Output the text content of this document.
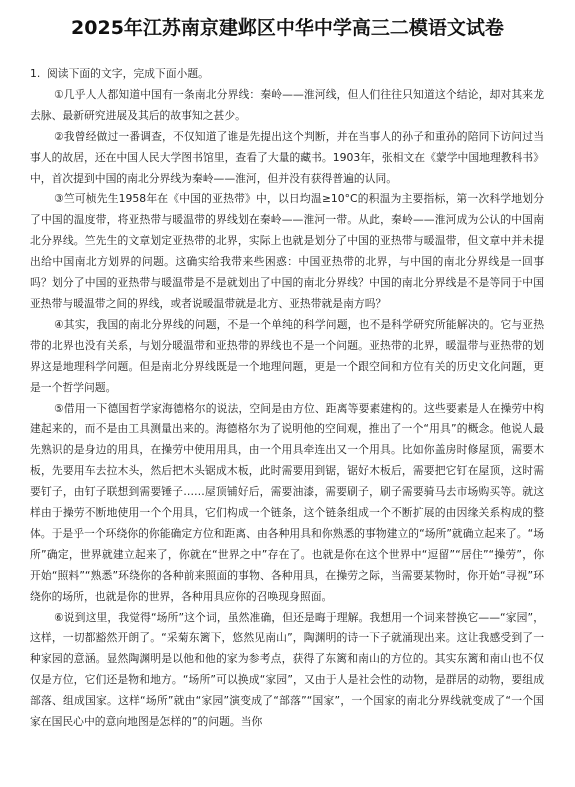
2025年江苏南京建邺区中华中学高三二模语文试卷
1. 阅读下面的文字，完成下面小题。

①几乎人人都知道中国有一条南北分界线：秦岭——淮河线，但人们往往只知道这个结论，却对其来龙去脉、最新研究进展及其后的故事知之甚少。

②我曾经做过一番调查，不仅知道了谁是先提出这个判断，并在当事人的孙子和重孙的陪同下访问过当事人的故居，还在中国人民大学图书馆里，查看了大量的藏书。1903年，张相文在《蒙学中国地理教科书》中，首次提到中国的南北分界线为秦岭——淮河，但并没有获得普遍的认同。

③竺可桢先生1958年在《中国的亚热带》中，以日均温≥10°C的积温为主要指标，第一次科学地划分了中国的温度带，将亚热带与暖温带的界线划在秦岭——淮河一带。从此，秦岭——淮河成为公认的中国南北分界线。竺先生的文章划定亚热带的北界，实际上也就是划分了中国的亚热带与暖温带，但文章中并未提出给中国南北方划界的问题。这确实给我带来些困惑：中国亚热带的北界，与中国的南北分界线是一回事吗？划分了中国的亚热带与暖温带是不是就划出了中国的南北分界线？中国的南北分界线是不是等同于中国亚热带与暖温带之间的界线，或者说暖温带就是北方、亚热带就是南方吗？

④其实，我国的南北分界线的问题，不是一个单纯的科学问题，也不是科学研究所能解决的。它与亚热带的北界也没有关系，与划分暖温带和亚热带的界线也不是一个问题。亚热带的北界，暖温带与亚热带的划界这是地理科学问题。但是南北分界线既是一个地理问题，更是一个跟空间和方位有关的历史文化问题，更是一个哲学问题。

⑤借用一下德国哲学家海德格尔的说法，空间是由方位、距离等要素建构的。这些要素是人在操劳中构建起来的，而不是由工具测量出来的。海德格尔为了说明他的空间观，推出了一个“用具”的概念。他说人最先熟识的是身边的用具，在操劳中使用用具，由一个用具牵连出又一个用具。比如你盖房时修屋顶，需要木板，先要用车去拉木头，然后把木头锯成木板，此时需要用到锯，锯好木板后，需要把它钉在屋顶，这时需要钉子，由钉子联想到需要锤子……屋顶铺好后，需要油漆，需要刷子，刷子需要骑马去市场购买等。就这样由于操劳不断地使用一个个用具，它们构成一个链条，这个链条组成一个不断扩展的由因缘关系构成的整体。于是乎一个环绕你的你能确定方位和距离、由各种用具和你熟悉的事物建立的“场所”就确立起来了。“场所”确定，世界就建立起来了，你就在“世界之中”存在了。也就是你在这个世界中“逗留”“居住”“操劳”，你开始“照料”“熟悉”环绕你的各种前来照面的事物、各种用具，在操劳之际，当需要某物时，你开始“寻视”环绕你的场所，也就是你的世界，各种用具应你的召唤现身照面。

⑥说到这里，我觉得“场所”这个词，虽然准确，但还是晦于理解。我想用一个词来替换它——“家园”，这样，一切都豁然开朗了。“采菊东篱下，悠然见南山”，陶渊明的诗一下子就涌现出来。这让我感受到了一种家园的意涵。显然陶渊明是以他和他的家为参考点，获得了东篱和南山的方位的。其实东篱和南山也不仅仅是方位，它们还是物和地方。“场所”可以换成“家园”，又由于人是社会性的动物，是群居的动物，要组成部落、组成国家。这样“场所”就由“家园”演变成了“部落”“国家”，一个国家的南北分界线就变成了“一个国家在国民心中的意向地图是怎样的”的问题。当你
